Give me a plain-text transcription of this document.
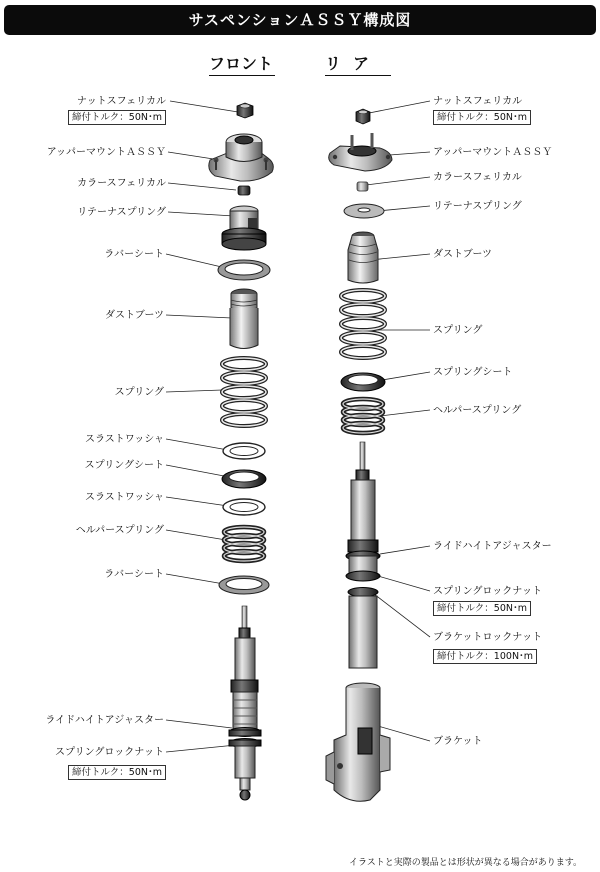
サスペンションＡＳＳＹ構成図
フロント	リア
ナットスフェリカル
締付トルク：50N･m
アッパーマウントＡＳＳＹ
カラースフェリカル
リテーナスプリング
ラバーシート
ダストブーツ
スプリング
スラストワッシャ
スプリングシート
スラストワッシャ
ヘルパースプリング
ラバーシート
ライドハイトアジャスター
スプリングロックナット
締付トルク：50N･m
ナットスフェリカル
締付トルク：50N･m
アッパーマウントＡＳＳＹ
カラースフェリカル
リテーナスプリング
ダストブーツ
スプリング
スプリングシート
ヘルパースプリング
ライドハイトアジャスター
スプリングロックナット
締付トルク：50N･m
ブラケットロックナット
締付トルク：100N･m
ブラケット
イラストと実際の製品とは形状が異なる場合があります。
